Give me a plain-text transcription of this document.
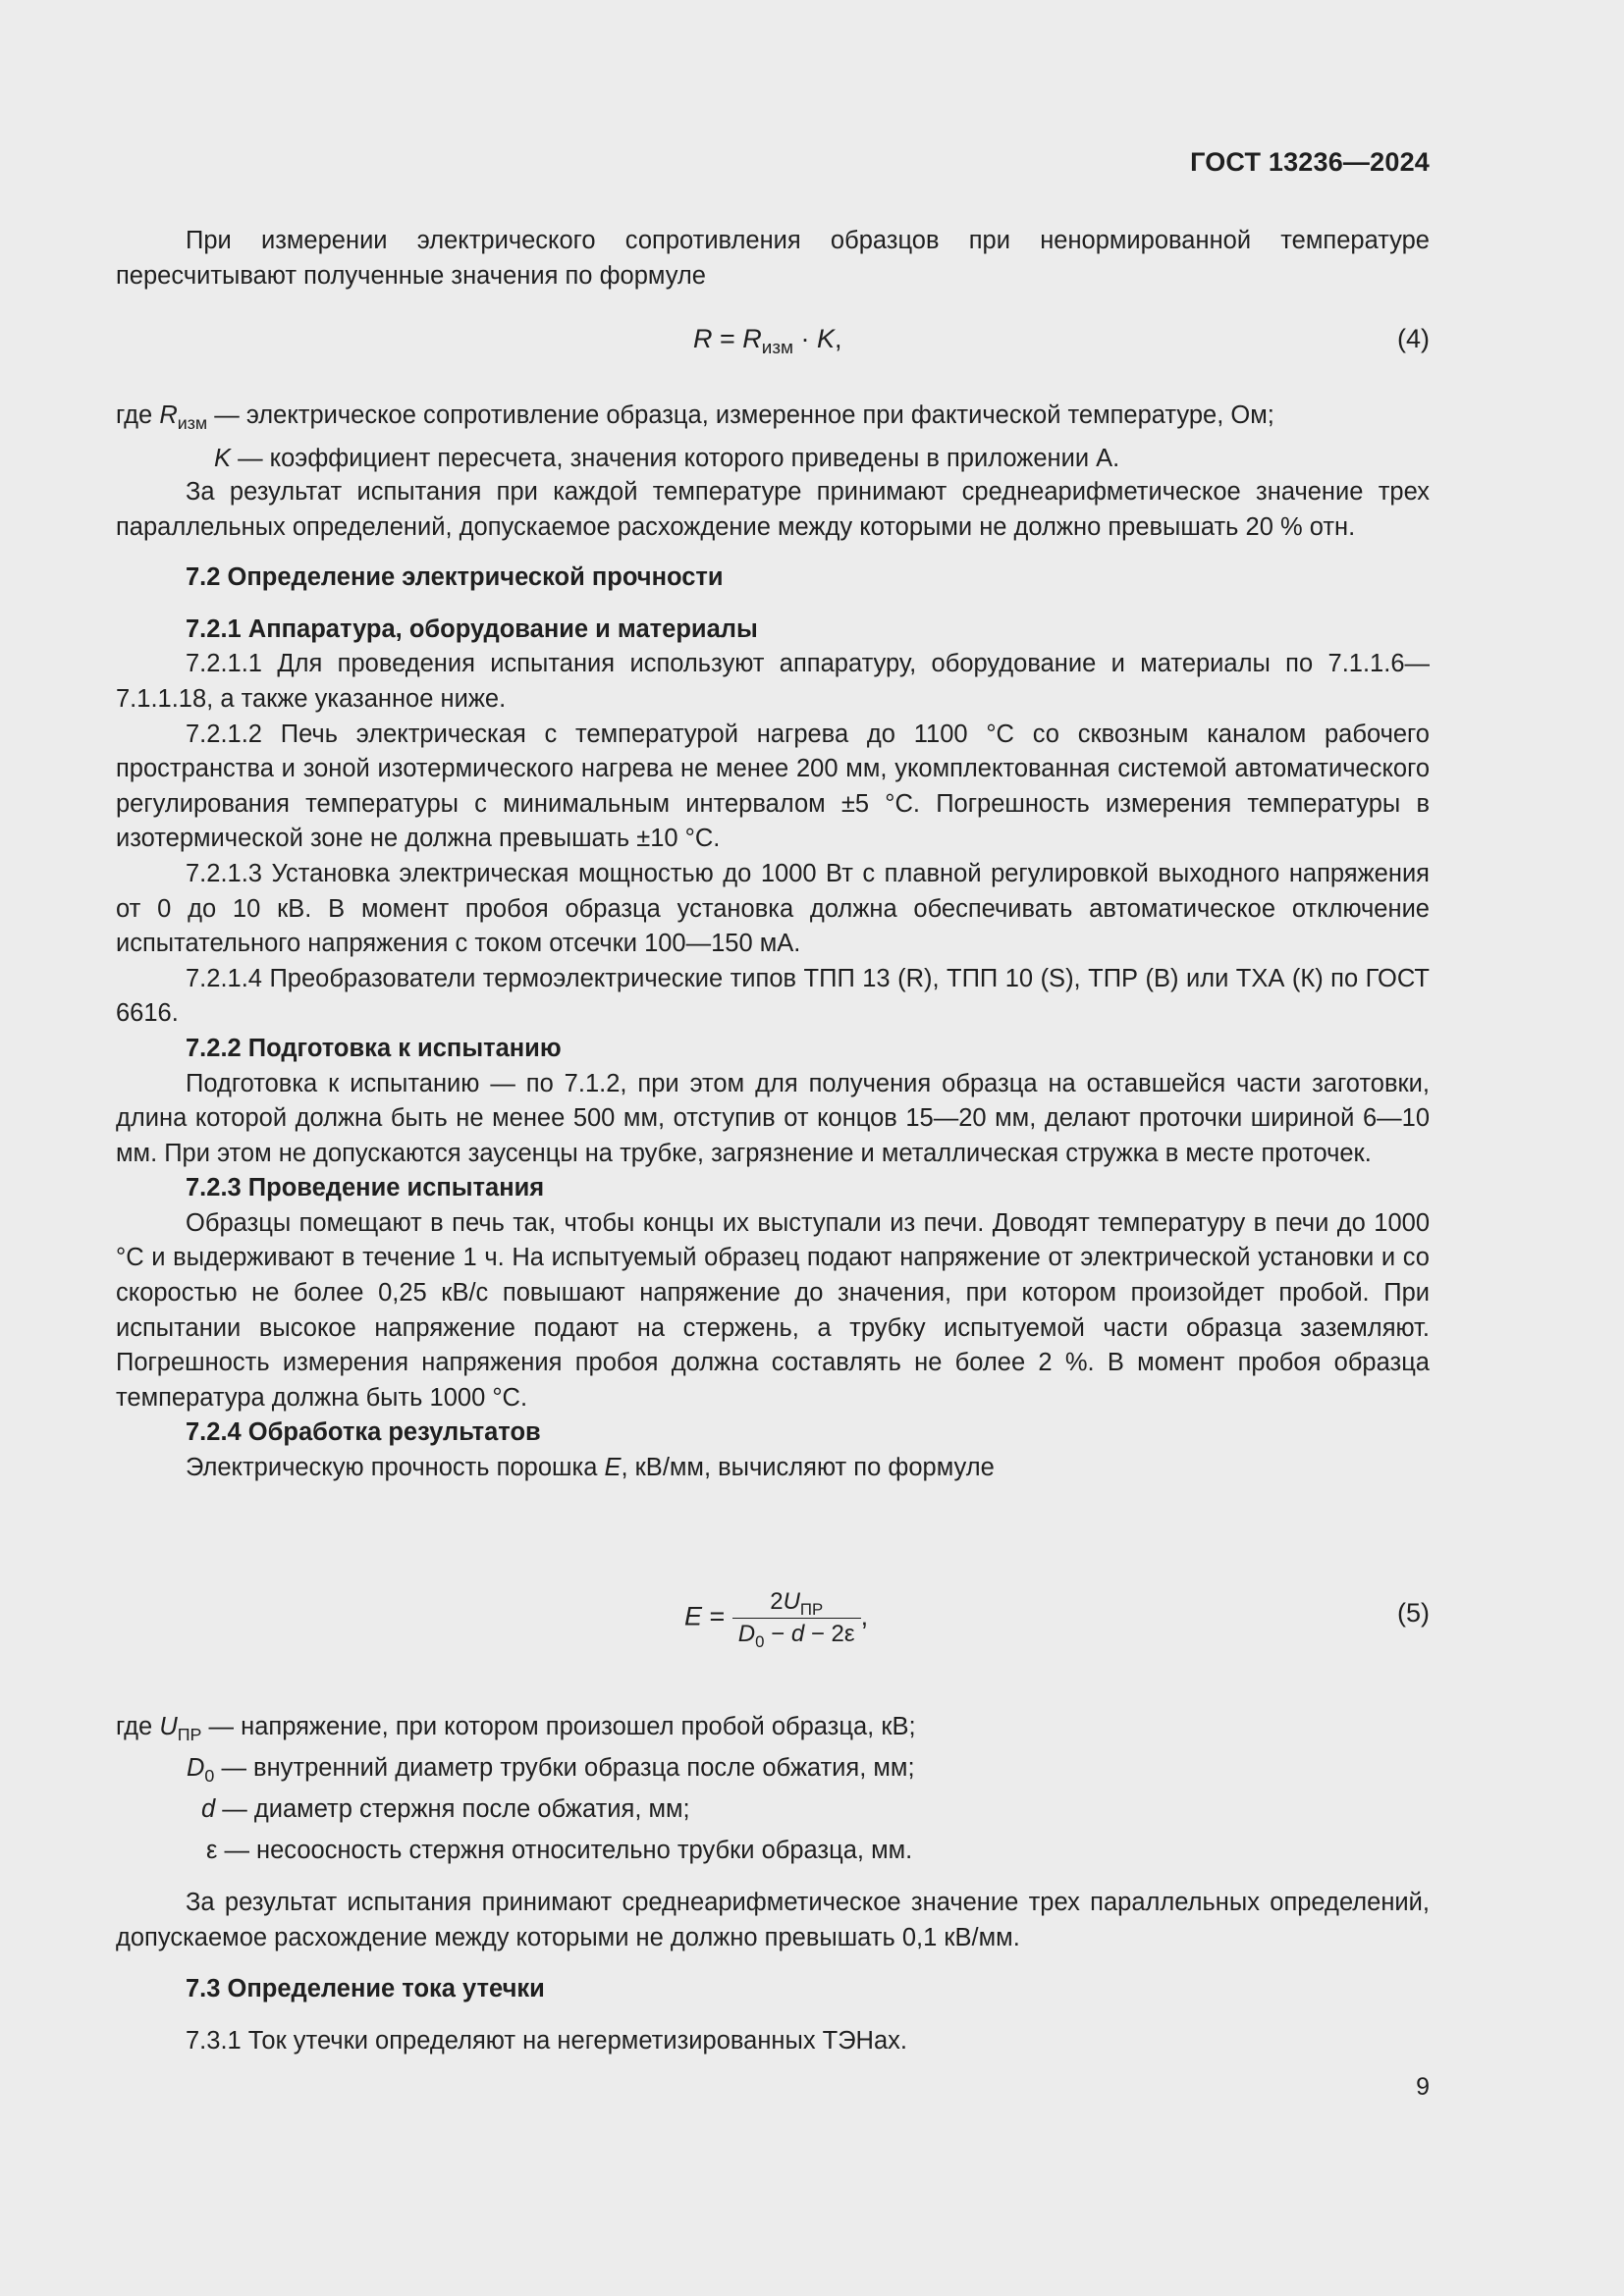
ГОСТ 13236—2024

При измерении электрического сопротивления образцов при ненормированной температуре пересчитывают полученные значения по формуле

$R = R_{изм} \cdot K$,	(4)
где $R_{изм}$ — электрическое сопротивление образца, измеренное при фактической температуре, Ом;
K — коэффициент пересчета, значения которого приведены в приложении А.

За результат испытания при каждой температуре принимают среднеарифметическое значение трех параллельных определений, допускаемое расхождение между которыми не должно превышать 20 % отн.

7.2 Определение электрической прочности

7.2.1 Аппаратура, оборудование и материалы

7.2.1.1 Для проведения испытания используют аппаратуру, оборудование и материалы по 7.1.1.6—7.1.1.18, а также указанное ниже.

7.2.1.2 Печь электрическая с температурой нагрева до 1100 °С со сквозным каналом рабочего пространства и зоной изотермического нагрева не менее 200 мм, укомплектованная системой автоматического регулирования температуры с минимальным интервалом ±5 °С. Погрешность измерения температуры в изотермической зоне не должна превышать ±10 °С.

7.2.1.3 Установка электрическая мощностью до 1000 Вт с плавной регулировкой выходного напряжения от 0 до 10 кВ. В момент пробоя образца установка должна обеспечивать автоматическое отключение испытательного напряжения с током отсечки 100—150 мА.

7.2.1.4 Преобразователи термоэлектрические типов ТПП 13 (R), ТПП 10 (S), ТПР (В) или ТХА (К) по ГОСТ 6616.

7.2.2 Подготовка к испытанию

Подготовка к испытанию — по 7.1.2, при этом для получения образца на оставшейся части заготовки, длина которой должна быть не менее 500 мм, отступив от концов 15—20 мм, делают проточки шириной 6—10 мм. При этом не допускаются заусенцы на трубке, загрязнение и металлическая стружка в месте проточек.

7.2.3 Проведение испытания

Образцы помещают в печь так, чтобы концы их выступали из печи. Доводят температуру в печи до 1000 °С и выдерживают в течение 1 ч. На испытуемый образец подают напряжение от электрической установки и со скоростью не более 0,25 кВ/с повышают напряжение до значения, при котором произойдет пробой. При испытании высокое напряжение подают на стержень, а трубку испытуемой части образца заземляют. Погрешность измерения напряжения пробоя должна составлять не более 2 %. В момент пробоя образца температура должна быть 1000 °С.

7.2.4 Обработка результатов

Электрическую прочность порошка Е, кВ/мм, вычисляют по формуле

$E = \frac{2U_{ПР}}{D_0 - d - 2\varepsilon}$ ,	(5)
где $U_{ПР}$ — напряжение, при котором произошел пробой образца, кВ;
$D_0$ — внутренний диаметр трубки образца после обжатия, мм;
d — диаметр стержня после обжатия, мм;
ε — несоосность стержня относительно трубки образца, мм.

За результат испытания принимают среднеарифметическое значение трех параллельных определений, допускаемое расхождение между которыми не должно превышать 0,1 кВ/мм.

7.3 Определение тока утечки

7.3.1 Ток утечки определяют на негерметизированных ТЭНах.

9
